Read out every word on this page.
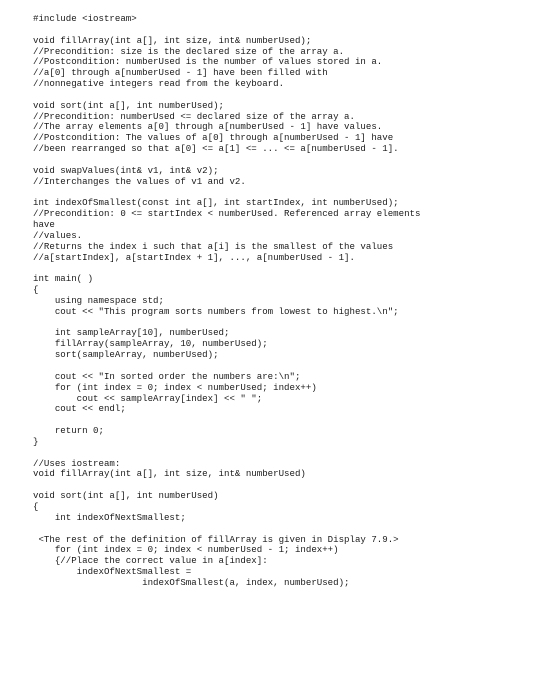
#include <iostream>
void fillArray(int a[], int size, int& numberUsed);
//Precondition: size is the declared size of the array a.
//Postcondition: numberUsed is the number of values stored in a.
//a[0] through a[numberUsed - 1] have been filled with
//nonnegative integers read from the keyboard.
void sort(int a[], int numberUsed);
//Precondition: numberUsed <= declared size of the array a.
//The array elements a[0] through a[numberUsed - 1] have values.
//Postcondition: The values of a[0] through a[numberUsed - 1] have
//been rearranged so that a[0] <= a[1] <= ... <= a[numberUsed - 1].
void swapValues(int& v1, int& v2);
//Interchanges the values of v1 and v2.
int indexOfSmallest(const int a[], int startIndex, int numberUsed);
//Precondition: 0 <= startIndex < numberUsed. Referenced array elements
have
//values.
//Returns the index i such that a[i] is the smallest of the values
//a[startIndex], a[startIndex + 1], ..., a[numberUsed - 1].
int main( )
{
using namespace std;
cout << "This program sorts numbers from lowest to highest.\n";
int sampleArray[10], numberUsed;
fillArray(sampleArray, 10, numberUsed);
sort(sampleArray, numberUsed);
cout << "In sorted order the numbers are:\n";
for (int index = 0; index < numberUsed; index++)
cout << sampleArray[index] << " ";
cout << endl;
return 0;
}
//Uses iostream:
void fillArray(int a[], int size, int& numberUsed)
void sort(int a[], int numberUsed)
{
int indexOfNextSmallest;
<The rest of the definition of fillArray is given in Display 7.9.>
for (int index = 0; index < numberUsed - 1; index++)
{//Place the correct value in a[index]:
indexOfNextSmallest =
indexOfSmallest(a, index, numberUsed);
